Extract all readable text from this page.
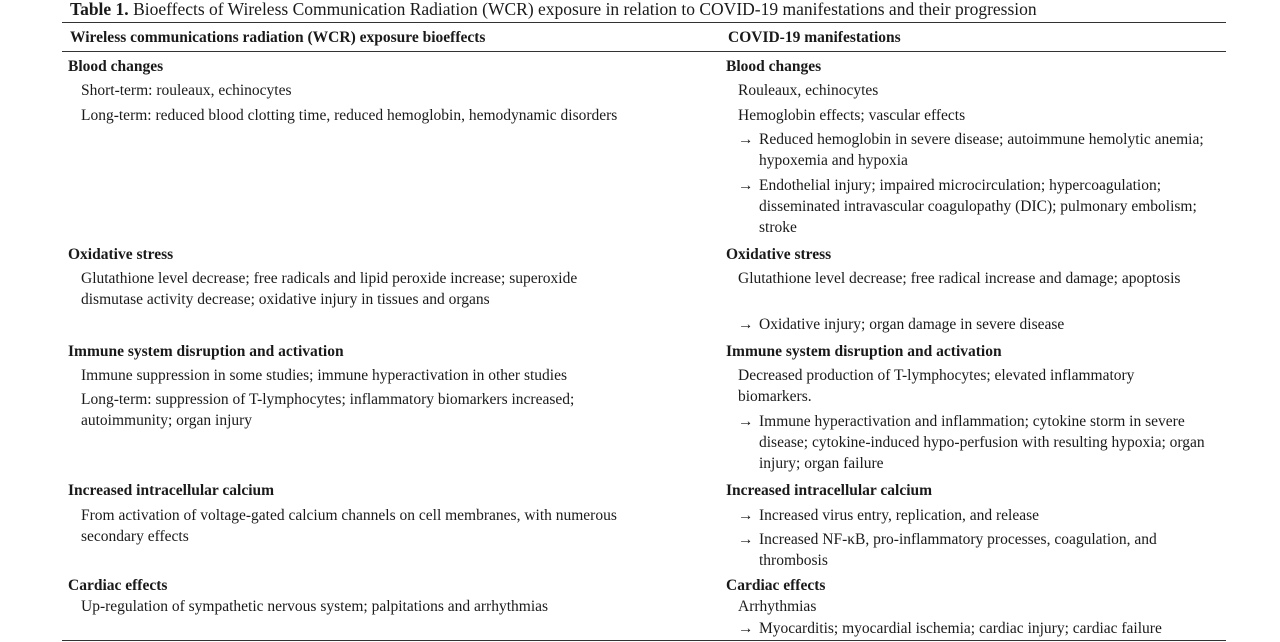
Table 1. Bioeffects of Wireless Communication Radiation (WCR) exposure in relation to COVID-19 manifestations and their progression
Wireless communications radiation (WCR) exposure bioeffects	COVID-19 manifestations
Blood changes
Short-term: rouleaux, echinocytes
Long-term: reduced blood clotting time, reduced hemoglobin, hemodynamic disorders
Blood changes
Rouleaux, echinocytes
Hemoglobin effects; vascular effects
→ Reduced hemoglobin in severe disease; autoimmune hemolytic anemia; hypoxemia and hypoxia
→ Endothelial injury; impaired microcirculation; hypercoagulation; disseminated intravascular coagulopathy (DIC); pulmonary embolism; stroke
Oxidative stress
Glutathione level decrease; free radicals and lipid peroxide increase; superoxide dismutase activity decrease; oxidative injury in tissues and organs
Oxidative stress
Glutathione level decrease; free radical increase and damage; apoptosis
→ Oxidative injury; organ damage in severe disease
Immune system disruption and activation
Immune suppression in some studies; immune hyperactivation in other studies
Long-term: suppression of T-lymphocytes; inflammatory biomarkers increased; autoimmunity; organ injury
Immune system disruption and activation
Decreased production of T-lymphocytes; elevated inflammatory biomarkers.
→ Immune hyperactivation and inflammation; cytokine storm in severe disease; cytokine-induced hypo-perfusion with resulting hypoxia; organ injury; organ failure
Increased intracellular calcium
From activation of voltage-gated calcium channels on cell membranes, with numerous secondary effects
Increased intracellular calcium
→ Increased virus entry, replication, and release
→ Increased NF-κB, pro-inflammatory processes, coagulation, and thrombosis
Cardiac effects
Up-regulation of sympathetic nervous system; palpitations and arrhythmias
Cardiac effects
Arrhythmias
→ Myocarditis; myocardial ischemia; cardiac injury; cardiac failure
